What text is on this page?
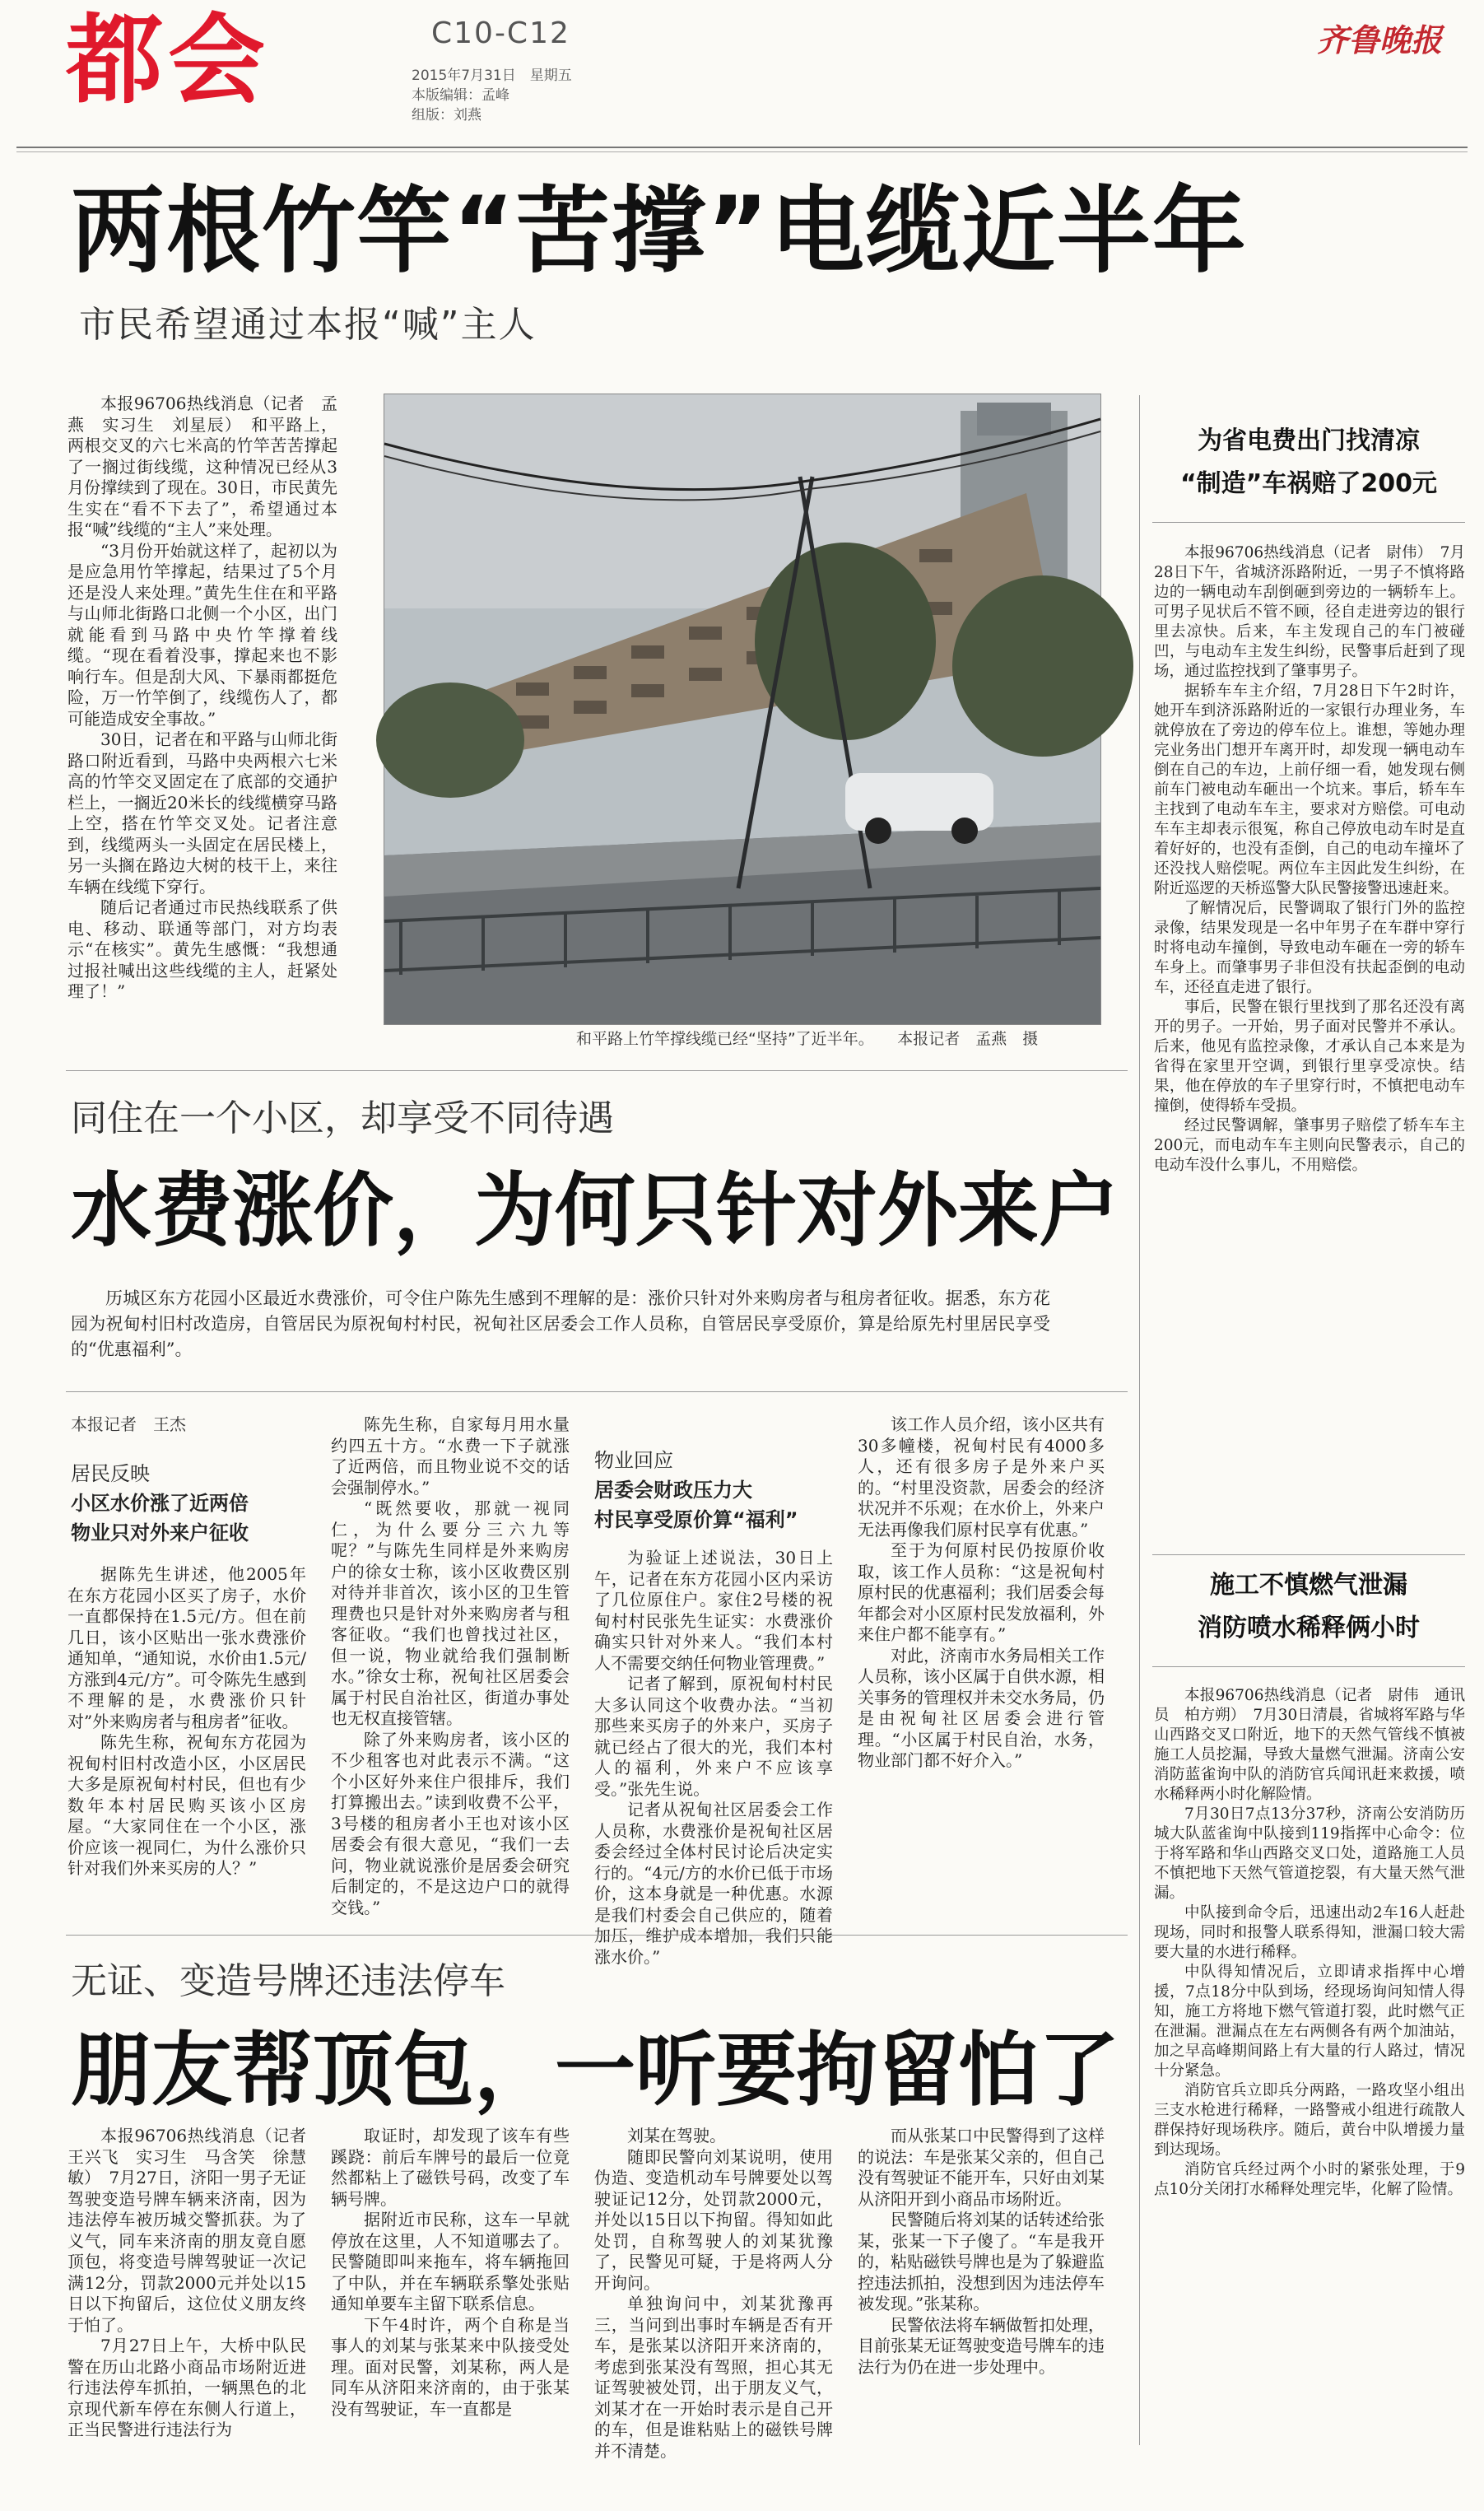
都会	C10-C12
2015年7月31日　星期五
本版编辑：孟峰
组版：刘燕
齐鲁晚报
两根竹竿“苦撑”电缆近半年
市民希望通过本报“喊”主人

本报96706热线消息（记者　孟燕　实习生　刘星辰）　和平路上，两根交叉的六七米高的竹竿苦苦撑起了一搁过街线缆，这种情况已经从3月份撑续到了现在。30日，市民黄先生实在“看不下去了”，希望通过本报“喊”线缆的“主人”来处理。

“3月份开始就这样了，起初以为是应急用竹竿撑起，结果过了5个月还是没人来处理。”黄先生住在和平路与山师北街路口北侧一个小区，出门就能看到马路中央竹竿撑着线缆。“现在看着没事，撑起来也不影响行车。但是刮大风、下暴雨都挺危险，万一竹竿倒了，线缆伤人了，都可能造成安全事故。”

30日，记者在和平路与山师北街路口附近看到，马路中央两根六七米高的竹竿交叉固定在了底部的交通护栏上，一搁近20米长的线缆横穿马路上空，搭在竹竿交叉处。记者注意到，线缆两头一头固定在居民楼上，另一头搁在路边大树的枝干上，来往车辆在线缆下穿行。

随后记者通过市民热线联系了供电、移动、联通等部门，对方均表示“在核实”。黄先生感慨：“我想通过报社喊出这些线缆的主人，赶紧处理了！”

和平路上竹竿撑线缆已经“坚持”了近半年。　　本报记者　孟燕　摄
为省电费出门找清凉
“制造”车祸赔了200元

本报96706热线消息（记者　尉伟）　7月28日下午，省城济泺路附近，一男子不慎将路边的一辆电动车刮倒砸到旁边的一辆轿车上。可男子见状后不管不顾，径自走进旁边的银行里去凉快。后来，车主发现自己的车门被碰凹，与电动车主发生纠纷，民警事后赶到了现场，通过监控找到了肇事男子。

据轿车车主介绍，7月28日下午2时许，她开车到济泺路附近的一家银行办理业务，车就停放在了旁边的停车位上。谁想，等她办理完业务出门想开车离开时，却发现一辆电动车倒在自己的车边，上前仔细一看，她发现右侧前车门被电动车砸出一个坑来。事后，轿车车主找到了电动车车主，要求对方赔偿。可电动车车主却表示很冤，称自己停放电动车时是直着好好的，也没有歪倒，自己的电动车撞坏了还没找人赔偿呢。两位车主因此发生纠纷，在附近巡逻的天桥巡警大队民警接警迅速赶来。

了解情况后，民警调取了银行门外的监控录像，结果发现是一名中年男子在车群中穿行时将电动车撞倒，导致电动车砸在一旁的轿车车身上。而肇事男子非但没有扶起歪倒的电动车，还径直走进了银行。

事后，民警在银行里找到了那名还没有离开的男子。一开始，男子面对民警并不承认。后来，他见有监控录像，才承认自己本来是为省得在家里开空调，到银行里享受凉快。结果，他在停放的车子里穿行时，不慎把电动车撞倒，使得轿车受损。

经过民警调解，肇事男子赔偿了轿车车主200元，而电动车车主则向民警表示，自己的电动车没什么事儿，不用赔偿。

施工不慎燃气泄漏
消防喷水稀释俩小时

本报96706热线消息（记者　尉伟　通讯员　柏方朔）　7月30日清晨，省城将军路与华山西路交叉口附近，地下的天然气管线不慎被施工人员挖漏，导致大量燃气泄漏。济南公安消防蓝雀询中队的消防官兵闻讯赶来救援，喷水稀释两小时化解险情。

7月30日7点13分37秒，济南公安消防历城大队蓝雀询中队接到119指挥中心命令：位于将军路和华山西路交叉口处，道路施工人员不慎把地下天然气管道挖裂，有大量天然气泄漏。

中队接到命令后，迅速出动2车16人赶赴现场，同时和报警人联系得知，泄漏口较大需要大量的水进行稀释。

中队得知情况后，立即请求指挥中心增援，7点18分中队到场，经现场询问知情人得知，施工方将地下燃气管道打裂，此时燃气正在泄漏。泄漏点在左右两侧各有两个加油站，加之早高峰期间路上有大量的行人路过，情况十分紧急。

消防官兵立即兵分两路，一路攻坚小组出三支水枪进行稀释，一路警戒小组进行疏散人群保持好现场秩序。随后，黄台中队增援力量到达现场。

消防官兵经过两个小时的紧张处理，于9点10分关闭打水稀释处理完毕，化解了险情。

同住在一个小区，却享受不同待遇
水费涨价，为何只针对外来户
历城区东方花园小区最近水费涨价，可令住户陈先生感到不理解的是：涨价只针对外来购房者与租房者征收。据悉，东方花园为祝甸村旧村改造房，自管居民为原祝甸村村民，祝甸社区居委会工作人员称，自管居民享受原价，算是给原先村里居民享受的“优惠福利”。
本报记者　王杰
居民反映
小区水价涨了近两倍
物业只对外来户征收

据陈先生讲述，他2005年在东方花园小区买了房子，水价一直都保持在1.5元/方。但在前几日，该小区贴出一张水费涨价通知单，“通知说，水价由1.5元/方涨到4元/方”。可令陈先生感到不理解的是，水费涨价只针对”外来购房者与租房者”征收。

陈先生称，祝甸东方花园为祝甸村旧村改造小区，小区居民大多是原祝甸村村民，但也有少数年本村居民购买该小区房屋。“大家同住在一个小区，涨价应该一视同仁，为什么涨价只针对我们外来买房的人？”

陈先生称，自家每月用水量约四五十方。“水费一下子就涨了近两倍，而且物业说不交的话会强制停水。”

“既然要收，那就一视同仁，为什么要分三六九等呢？”与陈先生同样是外来购房户的徐女士称，该小区收费区别对待并非首次，该小区的卫生管理费也只是针对外来购房者与租客征收。“我们也曾找过社区，但一说，物业就给我们强制断水。”徐女士称，祝甸社区居委会属于村民自治社区，街道办事处也无权直接管辖。

除了外来购房者，该小区的不少租客也对此表示不满。“这个小区好外来住户很排斥，我们打算搬出去。”读到收费不公平，3号楼的租房者小王也对该小区居委会有很大意见，“我们一去问，物业就说涨价是居委会研究后制定的，不是这边户口的就得交钱。”

物业回应
居委会财政压力大
村民享受原价算“福利”

为验证上述说法，30日上午，记者在东方花园小区内采访了几位原住户。家住2号楼的祝甸村村民张先生证实：水费涨价确实只针对外来人。“我们本村人不需要交纳任何物业管理费。”

记者了解到，原祝甸村村民大多认同这个收费办法。“当初那些来买房子的外来户，买房子就已经占了很大的光，我们本村人的福利，外来户不应该享受。”张先生说。

记者从祝甸社区居委会工作人员称，水费涨价是祝甸社区居委会经过全体村民讨论后决定实行的。“4元/方的水价已低于市场价，这本身就是一种优惠。水源是我们村委会自己供应的，随着加压，维护成本增加，我们只能涨水价。”

该工作人员介绍，该小区共有30多幢楼，祝甸村民有4000多人，还有很多房子是外来户买的。“村里没资款，居委会的经济状况并不乐观；在水价上，外来户无法再像我们原村民享有优惠。”

至于为何原村民仍按原价收取，该工作人员称：“这是祝甸村原村民的优惠福利；我们居委会每年都会对小区原村民发放福利，外来住户都不能享有。”

对此，济南市水务局相关工作人员称，该小区属于自供水源，相关事务的管理权并未交水务局，仍是由祝甸社区居委会进行管理。“小区属于村民自治，水务，物业部门都不好介入。”

无证、变造号牌还违法停车
朋友帮顶包，一听要拘留怕了

本报96706热线消息（记者　王兴飞　实习生　马含笑　徐慧敏）　7月27日，济阳一男子无证驾驶变造号牌车辆来济南，因为违法停车被历城交警抓获。为了义气，同车来济南的朋友竟自愿顶包，将变造号牌驾驶证一次记满12分，罚款2000元并处以15日以下拘留后，这位仗义朋友终于怕了。

7月27日上午，大桥中队民警在历山北路小商品市场附近进行违法停车抓拍，一辆黑色的北京现代新车停在东侧人行道上，正当民警进行违法行为

取证时，却发现了该车有些蹊跷：前后车牌号的最后一位竟然都粘上了磁铁号码，改变了车辆号牌。

据附近市民称，这车一早就停放在这里，人不知道哪去了。民警随即叫来拖车，将车辆拖回了中队，并在车辆联系擎处张贴通知单要车主留下联系信息。

下午4时许，两个自称是当事人的刘某与张某来中队接受处理。面对民警，刘某称，两人是同车从济阳来济南的，由于张某没有驾驶证，车一直都是

刘某在驾驶。

随即民警向刘某说明，使用伪造、变造机动车号牌要处以驾驶证记12分，处罚款2000元，并处以15日以下拘留。得知如此处罚，自称驾驶人的刘某犹豫了，民警见可疑，于是将两人分开询问。

单独询问中，刘某犹豫再三，当问到出事时车辆是否有开车，是张某以济阳开来济南的，考虑到张某没有驾照，担心其无证驾驶被处罚，出于朋友义气，刘某才在一开始时表示是自己开的车，但是谁粘贴上的磁铁号牌并不清楚。

而从张某口中民警得到了这样的说法：车是张某父亲的，但自己没有驾驶证不能开车，只好由刘某从济阳开到小商品市场附近。

民警随后将刘某的话转述给张某，张某一下子傻了。“车是我开的，粘贴磁铁号牌也是为了躲避监控违法抓拍，没想到因为违法停车被发现。”张某称。

民警依法将车辆做暂扣处理，目前张某无证驾驶变造号牌车的违法行为仍在进一步处理中。
